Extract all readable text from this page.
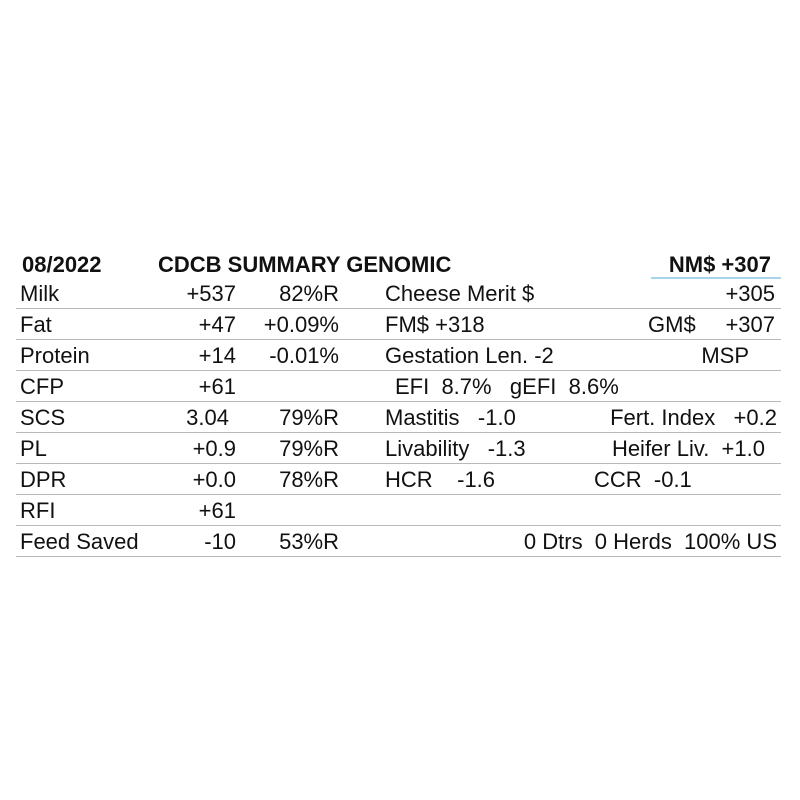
08/2022	CDCB SUMMARY GENOMIC	NM$ +307
Milk	+537 82%R Cheese Merit $	+305
Fat	+47 +0.09% FM$ +318	GM$ +307
Protein	+14 -0.01% Gestation Len. -2	MSP
CFP	+61	EFI  8.7%   gEFI  8.6%
SCS	3.04 79%R Mastitis   -1.0	Fert. Index   +0.2
PL	+0.9 79%R Livability   -1.3	Heifer Liv.  +1.0
DPR	+0.0 78%R HCR    -1.6	CCR  -0.1
RFI	+61
Feed Saved	-10 53%R	0 Dtrs  0 Herds  100% US
